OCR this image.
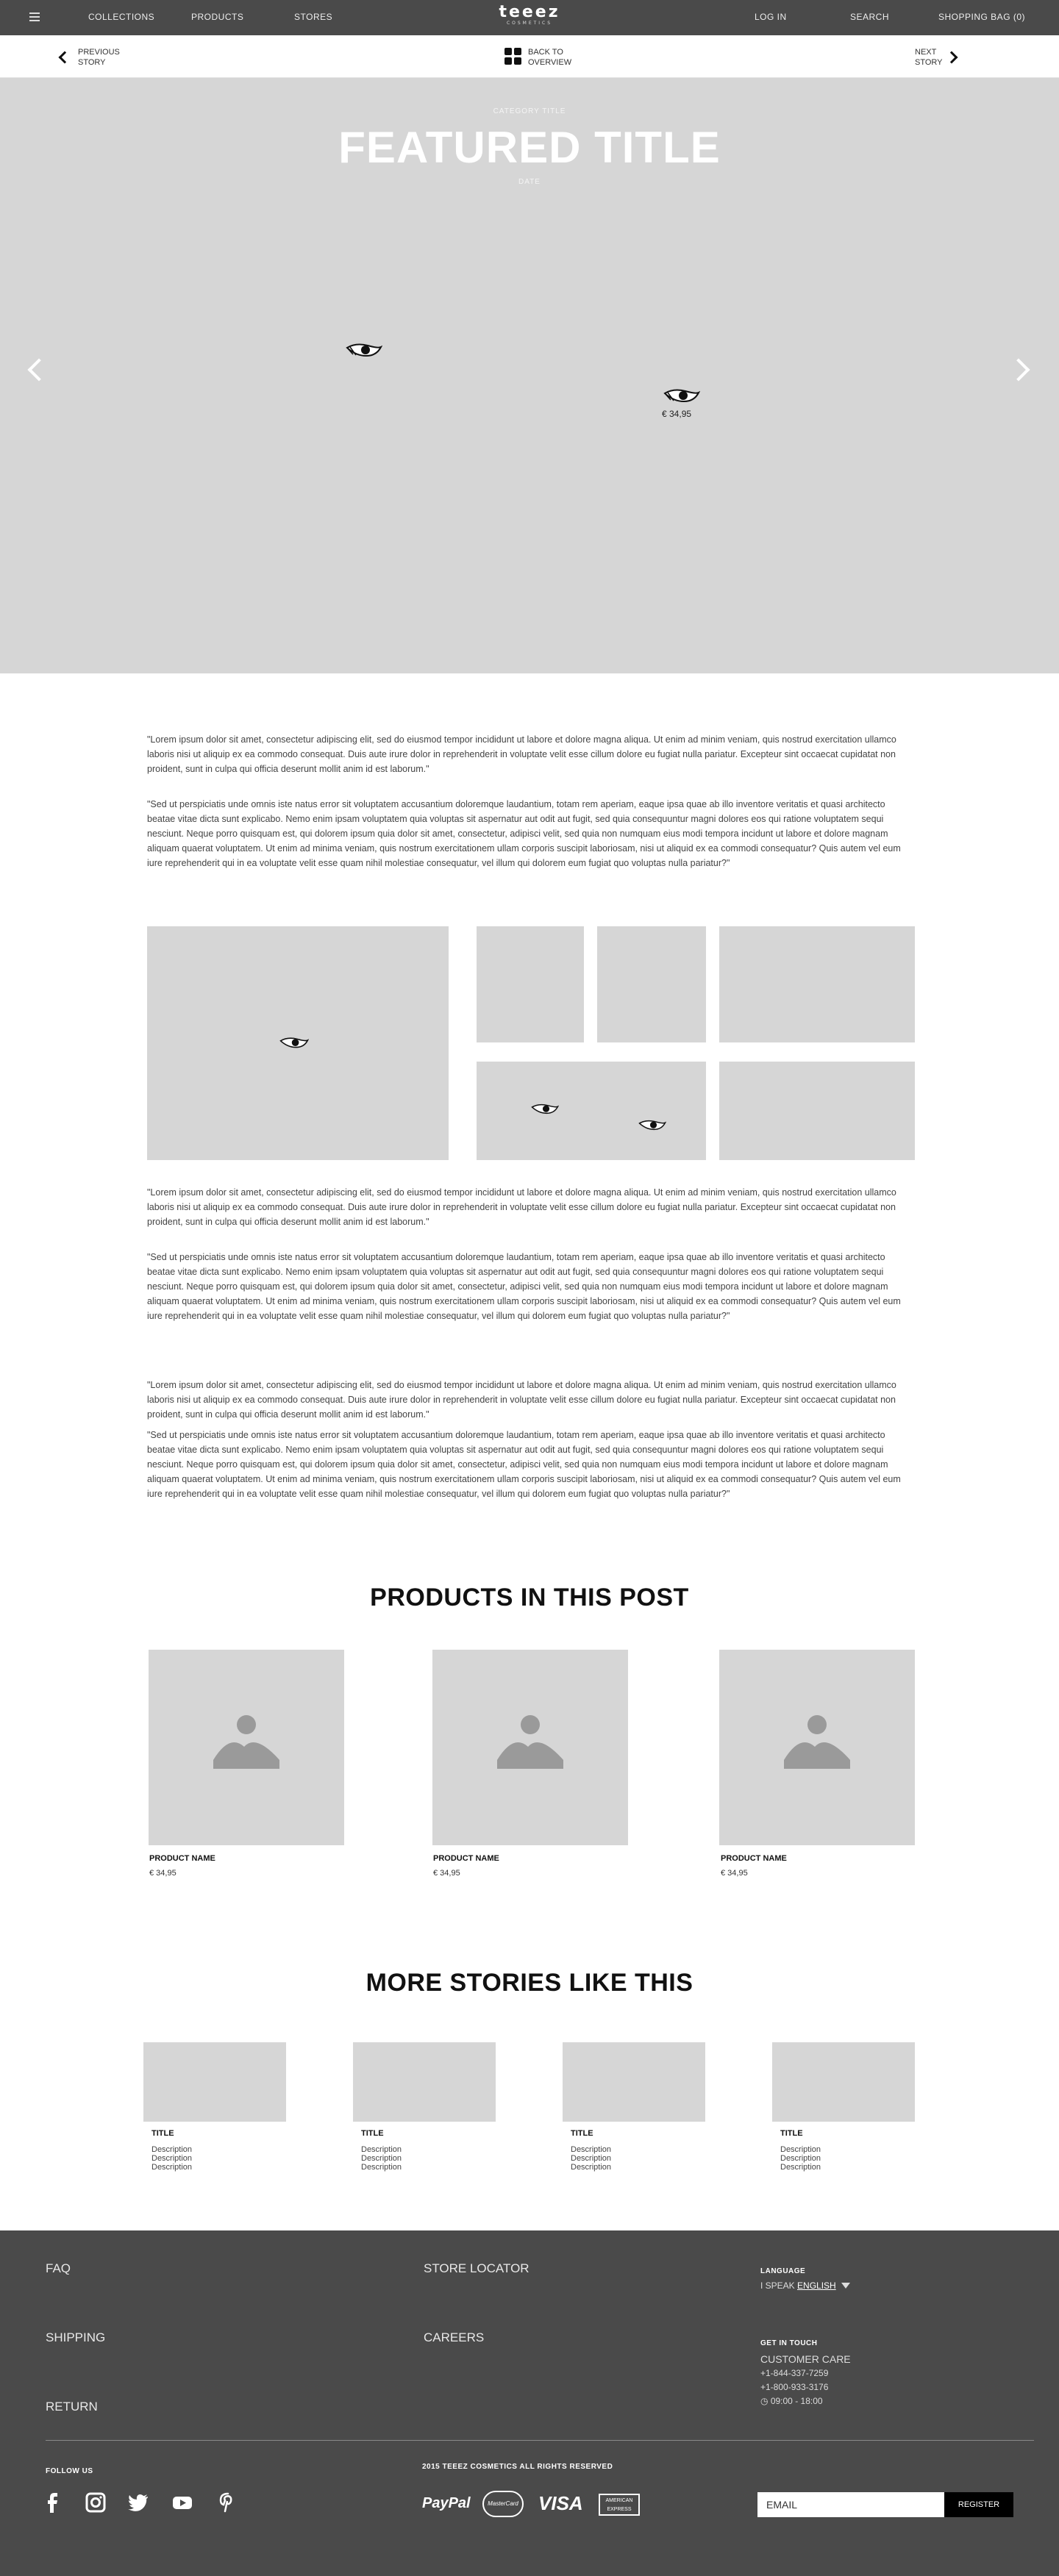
COLLECTIONS	PRODUCTS	STORES	teeez
COSMETICS
LOG IN	SEARCH	SHOPPING BAG (0)
PREVIOUS
STORY
BACK TO
OVERVIEW
NEXT
STORY
CATEGORY TITLE
FEATURED TITLE
DATE
€ 34,95

"Lorem ipsum dolor sit amet, consectetur adipiscing elit, sed do eiusmod tempor incididunt ut labore et dolore magna aliqua. Ut enim ad minim veniam, quis nostrud exercitation ullamco laboris nisi ut aliquip ex ea commodo consequat. Duis aute irure dolor in reprehenderit in voluptate velit esse cillum dolore eu fugiat nulla pariatur. Excepteur sint occaecat cupidatat non proident, sunt in culpa qui officia deserunt mollit anim id est laborum."

"Sed ut perspiciatis unde omnis iste natus error sit voluptatem accusantium doloremque laudantium, totam rem aperiam, eaque ipsa quae ab illo inventore veritatis et quasi architecto beatae vitae dicta sunt explicabo. Nemo enim ipsam voluptatem quia voluptas sit aspernatur aut odit aut fugit, sed quia consequuntur magni dolores eos qui ratione voluptatem sequi nesciunt. Neque porro quisquam est, qui dolorem ipsum quia dolor sit amet, consectetur, adipisci velit, sed quia non numquam eius modi tempora incidunt ut labore et dolore magnam aliquam quaerat voluptatem. Ut enim ad minima veniam, quis nostrum exercitationem ullam corporis suscipit laboriosam, nisi ut aliquid ex ea commodi consequatur? Quis autem vel eum iure reprehenderit qui in ea voluptate velit esse quam nihil molestiae consequatur, vel illum qui dolorem eum fugiat quo voluptas nulla pariatur?"

"Lorem ipsum dolor sit amet, consectetur adipiscing elit, sed do eiusmod tempor incididunt ut labore et dolore magna aliqua. Ut enim ad minim veniam, quis nostrud exercitation ullamco laboris nisi ut aliquip ex ea commodo consequat. Duis aute irure dolor in reprehenderit in voluptate velit esse cillum dolore eu fugiat nulla pariatur. Excepteur sint occaecat cupidatat non proident, sunt in culpa qui officia deserunt mollit anim id est laborum."

"Sed ut perspiciatis unde omnis iste natus error sit voluptatem accusantium doloremque laudantium, totam rem aperiam, eaque ipsa quae ab illo inventore veritatis et quasi architecto beatae vitae dicta sunt explicabo. Nemo enim ipsam voluptatem quia voluptas sit aspernatur aut odit aut fugit, sed quia consequuntur magni dolores eos qui ratione voluptatem sequi nesciunt. Neque porro quisquam est, qui dolorem ipsum quia dolor sit amet, consectetur, adipisci velit, sed quia non numquam eius modi tempora incidunt ut labore et dolore magnam aliquam quaerat voluptatem. Ut enim ad minima veniam, quis nostrum exercitationem ullam corporis suscipit laboriosam, nisi ut aliquid ex ea commodi consequatur? Quis autem vel eum iure reprehenderit qui in ea voluptate velit esse quam nihil molestiae consequatur, vel illum qui dolorem eum fugiat quo voluptas nulla pariatur?"

"Lorem ipsum dolor sit amet, consectetur adipiscing elit, sed do eiusmod tempor incididunt ut labore et dolore magna aliqua. Ut enim ad minim veniam, quis nostrud exercitation ullamco laboris nisi ut aliquip ex ea commodo consequat. Duis aute irure dolor in reprehenderit in voluptate velit esse cillum dolore eu fugiat nulla pariatur. Excepteur sint occaecat cupidatat non proident, sunt in culpa qui officia deserunt mollit anim id est laborum."

"Sed ut perspiciatis unde omnis iste natus error sit voluptatem accusantium doloremque laudantium, totam rem aperiam, eaque ipsa quae ab illo inventore veritatis et quasi architecto beatae vitae dicta sunt explicabo. Nemo enim ipsam voluptatem quia voluptas sit aspernatur aut odit aut fugit, sed quia consequuntur magni dolores eos qui ratione voluptatem sequi nesciunt. Neque porro quisquam est, qui dolorem ipsum quia dolor sit amet, consectetur, adipisci velit, sed quia non numquam eius modi tempora incidunt ut labore et dolore magnam aliquam quaerat voluptatem. Ut enim ad minima veniam, quis nostrum exercitationem ullam corporis suscipit laboriosam, nisi ut aliquid ex ea commodi consequatur? Quis autem vel eum iure reprehenderit qui in ea voluptate velit esse quam nihil molestiae consequatur, vel illum qui dolorem eum fugiat quo voluptas nulla pariatur?"

PRODUCTS IN THIS POST
PRODUCT NAME
€ 34,95
PRODUCT NAME
€ 34,95
PRODUCT NAME
€ 34,95
MORE STORIES LIKE THIS
TITLE
Description
Description
Description
TITLE
Description
Description
Description
TITLE
Description
Description
Description
TITLE
Description
Description
Description
FAQ
SHIPPING
RETURN
STORE LOCATOR
CAREERS
LANGUAGE
I SPEAK ENGLISH
GET IN TOUCH
CUSTOMER CARE
+1-844-337-7259
+1-800-933-3176
◷ 09:00 - 18:00
FOLLOW US
2015 TEEEZ COSMETICS ALL RIGHTS RESERVED
PayPal	MasterCard VISA	AMERICAN EXPRESS
EMAIL
REGISTER
